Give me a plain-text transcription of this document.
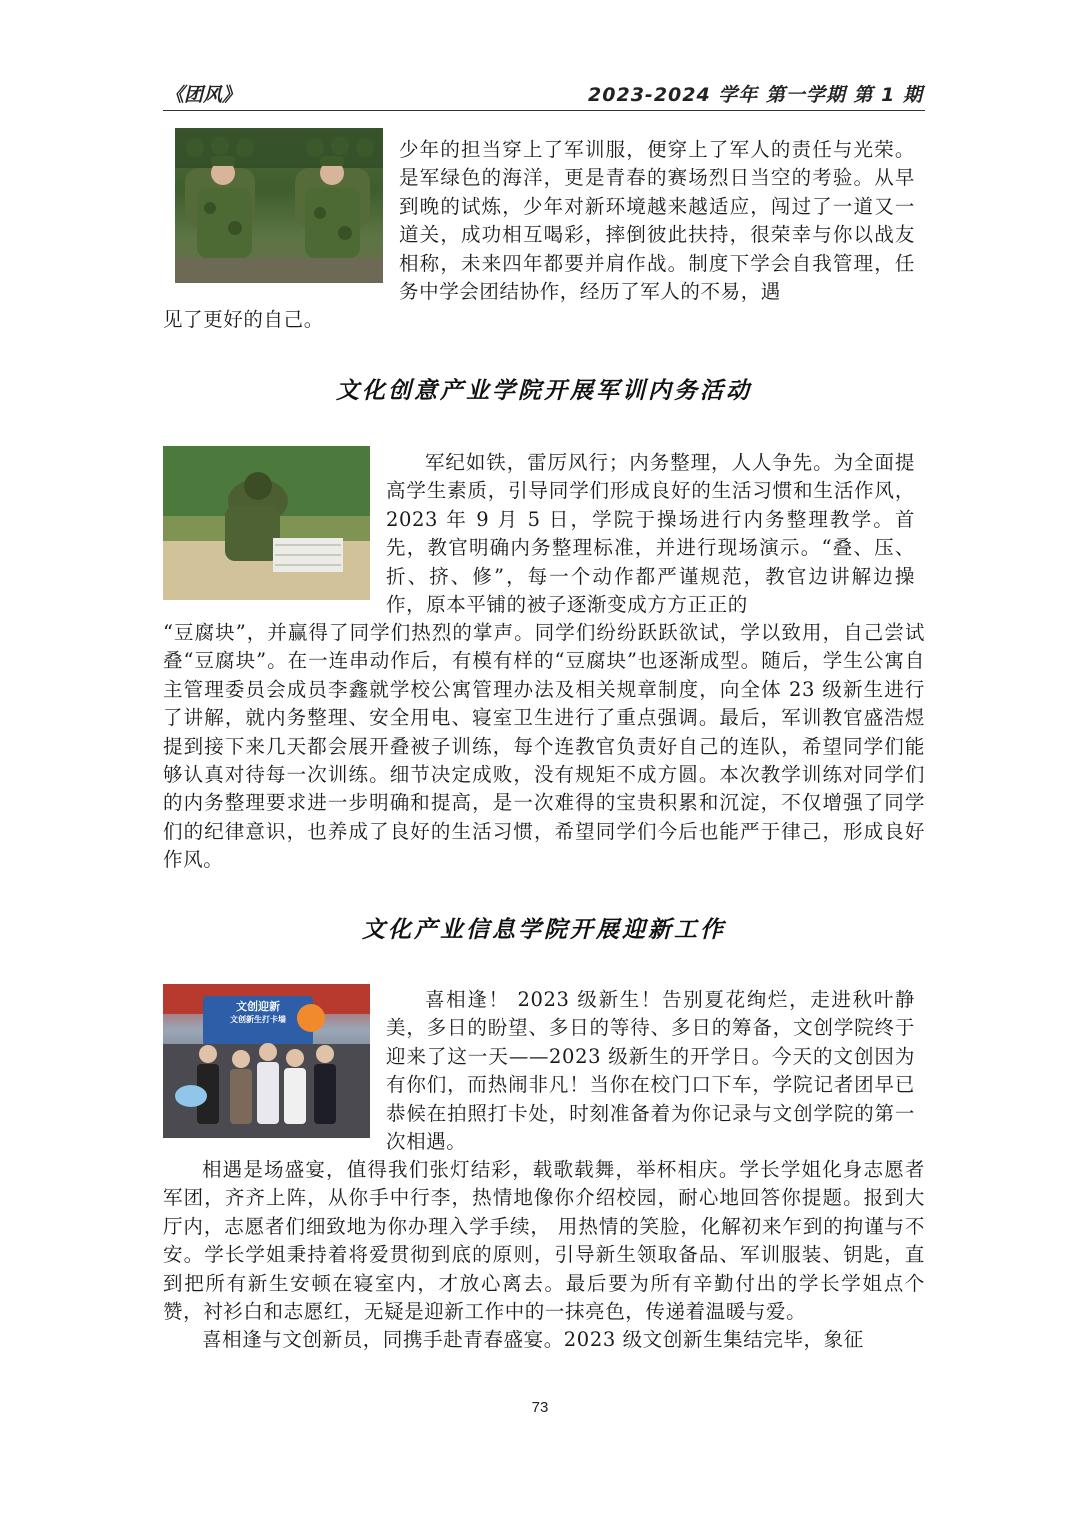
《团风》	2023-2024 学年 第一学期 第 1 期

少年的担当穿上了军训服，便穿上了军人的责任与光荣。是军绿色的海洋，更是青春的赛场烈日当空的考验。从早到晚的试炼，少年对新环境越来越适应，闯过了一道又一道关，成功相互喝彩，摔倒彼此扶持，很荣幸与你以战友相称，未来四年都要并肩作战。制度下学会自我管理，任务中学会团结协作，经历了军人的不易，遇

见了更好的自己。

文化创意产业学院开展军训内务活动

军纪如铁，雷厉风行；内务整理，人人争先。为全面提高学生素质，引导同学们形成良好的生活习惯和生活作风，2023 年 9 月 5 日，学院于操场进行内务整理教学。首先，教官明确内务整理标准，并进行现场演示。“叠、压、折、挤、修”，每一个动作都严谨规范，教官边讲解边操作，原本平铺的被子逐渐变成方方正正的

“豆腐块”，并赢得了同学们热烈的掌声。同学们纷纷跃跃欲试，学以致用，自己尝试叠“豆腐块”。在一连串动作后，有模有样的“豆腐块”也逐渐成型。随后，学生公寓自主管理委员会成员李鑫就学校公寓管理办法及相关规章制度，向全体 23 级新生进行了讲解，就内务整理、安全用电、寝室卫生进行了重点强调。最后，军训教官盛浩煜提到接下来几天都会展开叠被子训练，每个连教官负责好自己的连队，希望同学们能够认真对待每一次训练。细节决定成败，没有规矩不成方圆。本次教学训练对同学们的内务整理要求进一步明确和提高，是一次难得的宝贵积累和沉淀，不仅增强了同学们的纪律意识，也养成了良好的生活习惯，希望同学们今后也能严于律己，形成良好作风。

文化产业信息学院开展迎新工作
文创迎新
文创新生打卡墙

喜相逢！ 2023 级新生！告别夏花绚烂，走进秋叶静美，多日的盼望、多日的等待、多日的筹备，文创学院终于迎来了这一天——2023 级新生的开学日。今天的文创因为有你们，而热闹非凡！当你在校门口下车，学院记者团早已恭候在拍照打卡处，时刻准备着为你记录与文创学院的第一次相遇。

相遇是场盛宴，值得我们张灯结彩，载歌载舞，举杯相庆。学长学姐化身志愿者军团，齐齐上阵，从你手中行李，热情地像你介绍校园，耐心地回答你提题。报到大厅内，志愿者们细致地为你办理入学手续， 用热情的笑脸，化解初来乍到的拘谨与不安。学长学姐秉持着将爱贯彻到底的原则，引导新生领取备品、军训服装、钥匙，直到把所有新生安顿在寝室内，才放心离去。最后要为所有辛勤付出的学长学姐点个赞，衬衫白和志愿红，无疑是迎新工作中的一抹亮色，传递着温暖与爱。

喜相逢与文创新员，同携手赴青春盛宴。2023 级文创新生集结完毕，象征

73
